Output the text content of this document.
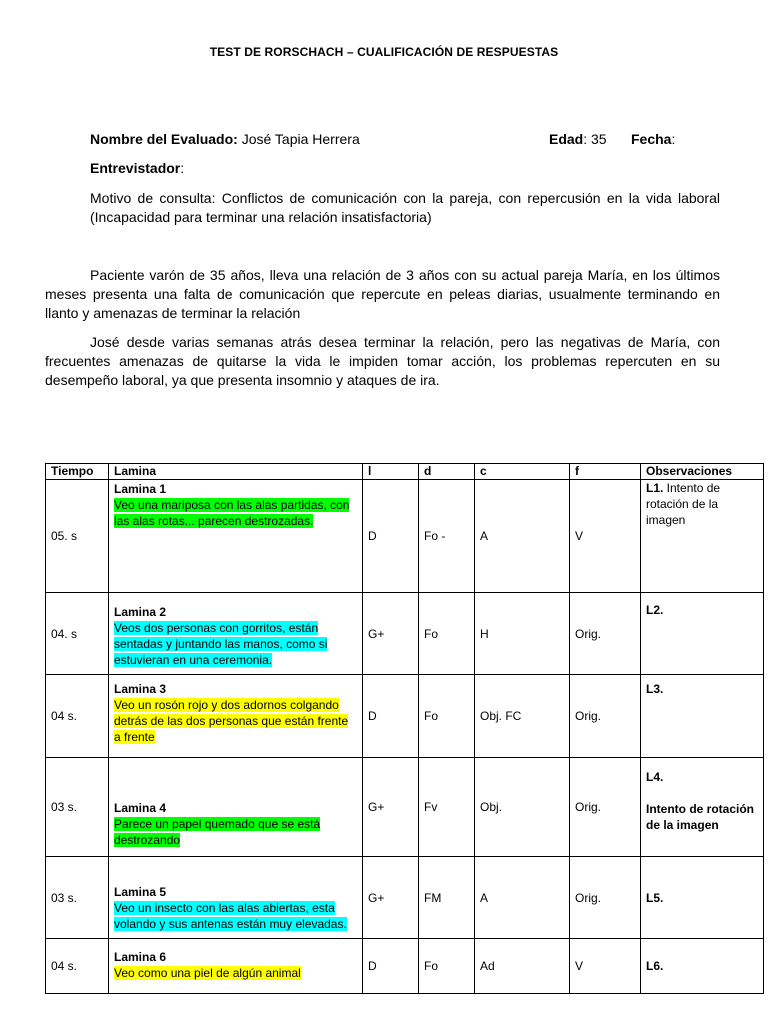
TEST DE RORSCHACH – CUALIFICACIÓN DE RESPUESTAS
Nombre del Evaluado: José Tapia Herrera	Edad: 35 Fecha:
Entrevistador:
Motivo de consulta: Conflictos de comunicación con la pareja, con repercusión en la vida laboral (Incapacidad para terminar una relación insatisfactoria)
Paciente varón de 35 años, lleva una relación de 3 años con su actual pareja María, en los últimos meses presenta una falta de comunicación que repercute en peleas diarias, usualmente terminando en llanto y amenazas de terminar la relación
José desde varias semanas atrás desea terminar la relación, pero las negativas de María, con frecuentes amenazas de quitarse la vida le impiden tomar acción, los problemas repercuten en su desempeño laboral, ya que presenta insomnio y ataques de ira.
Tiempo	Lamina	l	d	c	f	Observaciones
05. s	Lamina 1
Veo una mariposa con las alas partidas, con las alas rotas... parecen destrozadas.	D	Fo -	A	V	L1. Intento de rotación de la imagen
04. s	Lamina 2
Veos dos personas con gorritos, están sentadas y juntando las manos, como si estuvieran en una ceremonia.	G+	Fo	H	Orig.	L2.
04 s.	Lamina 3
Veo un rosón rojo y dos adornos colgando detrás de las dos personas que están frente a frente	D	Fo	Obj. FC	Orig.	L3.
03 s.	Lamina 4
Parece un papel quemado que se está destrozando	G+	Fv	Obj.	Orig.	L4.
Intento de rotación de la imagen

03 s.	Lamina 5
Veo un insecto con las alas abiertas, esta volando y sus antenas están muy elevadas.	G+	FM	A	Orig.	L5.
04 s.	Lamina 6
Veo como una piel de algún animal	D	Fo	Ad	V	L6.
